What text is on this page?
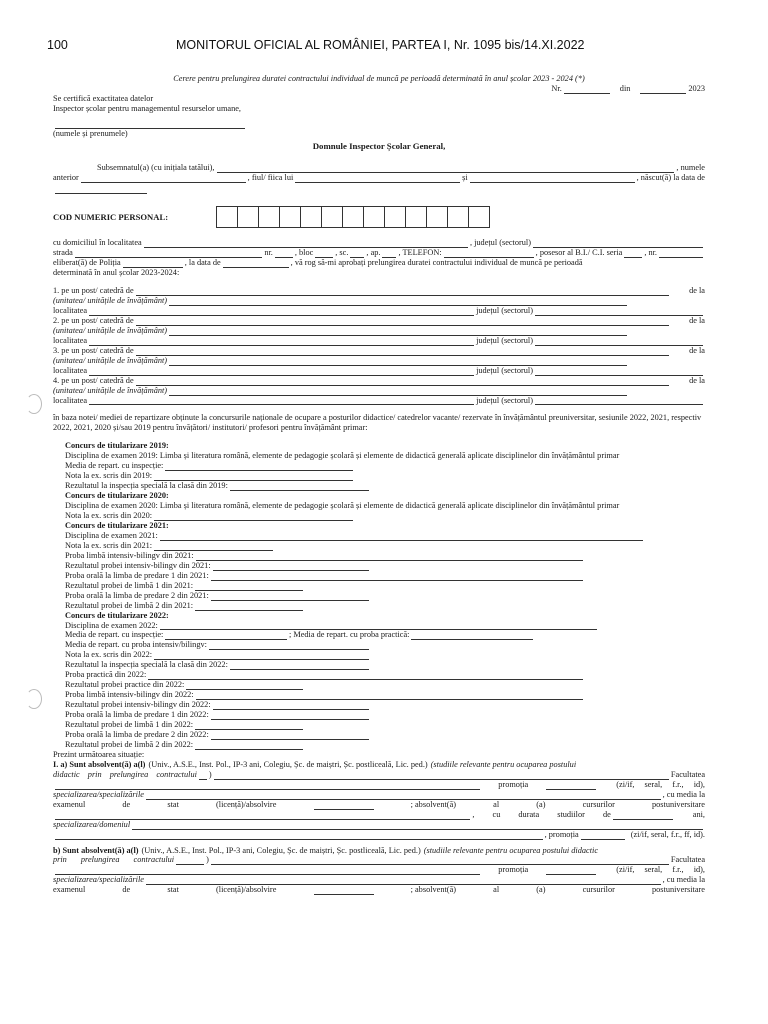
100	MONITORUL OFICIAL AL ROMÂNIEI, PARTEA I, Nr. 1095 bis/14.XI.2022
Cerere pentru prelungirea duratei contractului individual de muncă pe perioadă determinată în anul școlar 2023 - 2024 (*)
Nr.	din	2023
Se certifică exactitatea datelor
Inspector școlar pentru managementul resurselor umane,
(numele și prenumele)
Domnule Inspector Școlar General,
Subsemnatul(a) (cu inițiala tatălui),	, numele
anterior	, fiul/ fiica lui	și	, născut(ă) la data de
COD NUMERIC PERSONAL:
cu domiciliul în localitatea	, județul (sectorul)
strada	nr.	, bloc	, sc. , ap. , TELEFON:	, posesor al B.I./ C.I. seria	, nr.
eliberat(ă) de Poliția	, la data de	, vă rog să-mi aprobați prelungirea duratei contractului individual de muncă pe perioadă
determinată în anul școlar 2023-2024:
1. pe un post/ catedră de	de la
(unitatea/ unitățile de învățământ)
localitatea	județul (sectorul)
2. pe un post/ catedră de	de la
(unitatea/ unitățile de învățământ)
localitatea	județul (sectorul)
3. pe un post/ catedră de	de la
(unitatea/ unitățile de învățământ)
localitatea	județul (sectorul)
4. pe un post/ catedră de	de la
(unitatea/ unitățile de învățământ)
localitatea	județul (sectorul)
în baza notei/ mediei de repartizare obținute la concursurile naționale de ocupare a posturilor didactice/ catedrelor vacante/ rezervate în învățământul preuniversitar, sesiunile 2022, 2021, respectiv 2022, 2021, 2020 și/sau 2019 pentru învățători/ institutori/ profesori pentru învățământ primar:
Concurs de titularizare 2019:
Disciplina de examen 2019: Limba și literatura română, elemente de pedagogie școlară și elemente de didactică generală aplicate disciplinelor din învățământul primar
Media de repart. cu inspecție:
Nota la ex. scris din 2019:
Rezultatul la inspecția specială la clasă din 2019:
Concurs de titularizare 2020:
Disciplina de examen 2020: Limba și literatura română, elemente de pedagogie școlară și elemente de didactică generală aplicate disciplinelor din învățământul primar
Nota la ex. scris din 2020:
Concurs de titularizare 2021:
Disciplina de examen 2021:
Nota la ex. scris din 2021:
Proba limbă intensiv-bilingv din 2021:
Rezultatul probei intensiv-bilingv din 2021:
Proba orală la limba de predare 1 din 2021:
Rezultatul probei de limbă 1 din 2021:
Proba orală la limba de predare 2 din 2021:
Rezultatul probei de limbă 2 din 2021:
Concurs de titularizare 2022:
Disciplina de examen 2022:
Media de repart. cu inspecție:	; Media de repart. cu proba practică:
Media de repart. cu proba intensiv/bilingv:
Nota la ex. scris din 2022:
Rezultatul la inspecția specială la clasă din 2022:
Proba practică din 2022:
Rezultatul probei practice din 2022:
Proba limbă intensiv-bilingv din 2022:
Rezultatul probei intensiv-bilingv din 2022:
Proba orală la limba de predare 1 din 2022:
Rezultatul probei de limbă 1 din 2022:
Proba orală la limba de predare 2 din 2022:
Rezultatul probei de limbă 2 din 2022:
Prezint următoarea situație:
I. a) Sunt absolvent(ă) a(l) (Univ., A.S.E., Inst. Pol., IP-3 ani, Colegiu, Șc. de maiștri, Șc. postliceală, Lic. ped.) (studiile relevante pentru ocuparea postului
didactic prin prelungirea contractului )	Facultatea
promoția	(zi/if, seral, f.r., id),
specializarea/specializările	, cu media la
examenul	de	stat	(licență)/absolvire	; absolvent(ă)	al	(a)	cursurilor	postuniversitare
, cu durata studiilor de	ani,
specializarea/domeniul
, promoția	(zi/if, seral, f.r., ff, id).
b) Sunt absolvent(ă) a(l) (Univ., A.S.E., Inst. Pol., IP-3 ani, Colegiu, Șc. de maiștri, Șc. postliceală, Lic. ped.) (studiile relevante pentru ocuparea postului didactic
prin prelungirea contractului	)	Facultatea
promoția	(zi/if, seral, f.r., id),
specializarea/specializările	, cu media la
examenul	de	stat	(licență)/absolvire	; absolvent(ă)	al	(a)	cursurilor	postuniversitare
